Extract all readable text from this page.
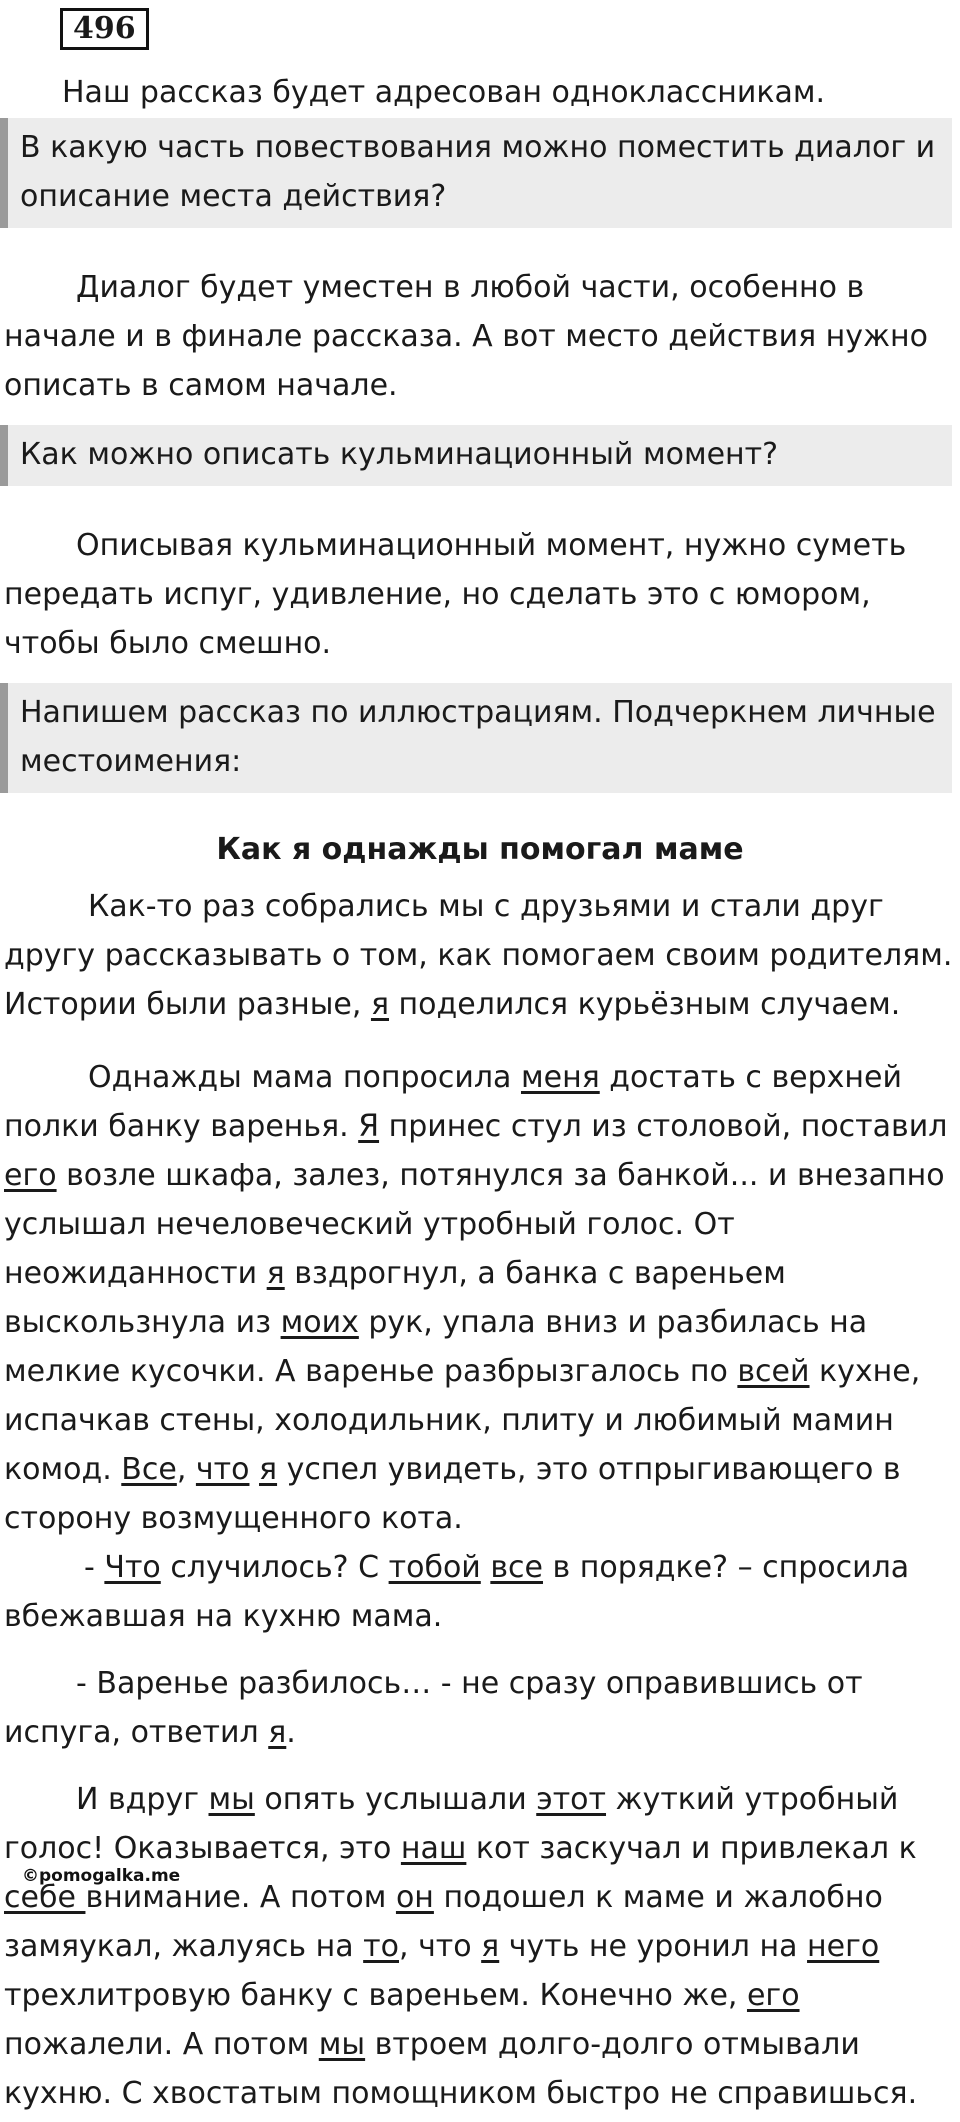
496

Наш рассказ будет адресован одноклассникам.

В какую часть повествования можно поместить диалог и описание места действия?

Диалог будет уместен в любой части, особенно в начале и в финале рассказа. А вот место действия нужно описать в самом начале.

Как можно описать кульминационный момент?

Описывая кульминационный момент, нужно суметь передать испуг, удивление, но сделать это с юмором, чтобы было смешно.

Напишем рассказ по иллюстрациям. Подчеркнем личные местоимения:

Как я однажды помогал маме

Как-то раз собрались мы с друзьями и стали друг другу рассказывать о том, как помогаем своим родителям. Истории были разные, я поделился курьёзным случаем.

Однажды мама попросила меня достать с верхней полки банку варенья. Я принес стул из столовой, поставил его возле шкафа, залез, потянулся за банкой... и внезапно услышал нечеловеческий утробный голос. От неожиданности я вздрогнул, а банка с вареньем выскользнула из моих рук, упала вниз и разбилась на мелкие кусочки. А варенье разбрызгалось по всей кухне, испачкав стены, холодильник, плиту и любимый мамин комод. Все, что я успел увидеть, это отпрыгивающего в сторону возмущенного кота.

- Что случилось? С тобой все в порядке? – спросила вбежавшая на кухню мама.

- Варенье разбилось… - не сразу оправившись от испуга, ответил я.

И вдруг мы опять услышали этот жуткий утробный голос! Оказывается, это наш кот заскучал и привлекал к себе внимание. А потом он подошел к маме и жалобно замяукал, жалуясь на то, что я чуть не уронил на него трехлитровую банку с вареньем. Конечно же, его пожалели. А потом мы втроем долго-долго отмывали кухню. С хвостатым помощником быстро не справишься.

©pomogalka.me
